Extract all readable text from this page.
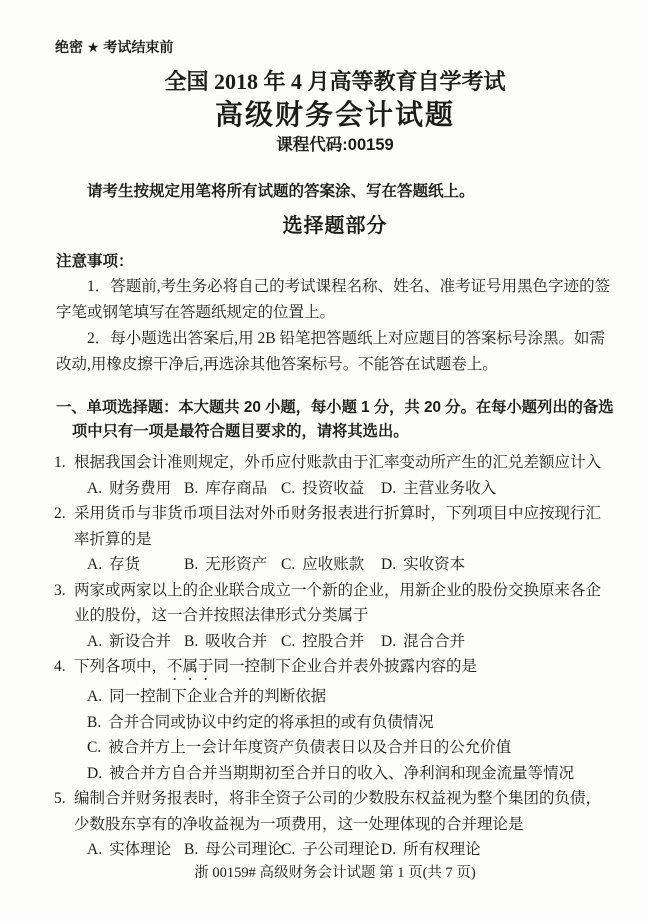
绝密 ★ 考试结束前
全国 2018 年 4 月高等教育自学考试
高级财务会计试题
课程代码:00159
请考生按规定用笔将所有试题的答案涂、写在答题纸上。
选择题部分
注意事项：

1．答题前,考生务必将自己的考试课程名称、姓名、准考证号用黑色字迹的签字笔或钢笔填写在答题纸规定的位置上。

2．每小题选出答案后,用 2B 铅笔把答题纸上对应题目的答案标号涂黑。如需改动,用橡皮擦干净后,再选涂其他答案标号。不能答在试题卷上。

一、单项选择题：本大题共 20 小题，每小题 1 分，共 20 分。在每小题列出的备选项中只有一项是最符合题目要求的，请将其选出。
1. 根据我国会计准则规定，外币应付账款由于汇率变动所产生的汇兑差额应计入
A. 财务费用 B. 库存商品 C. 投资收益	D. 主营业务收入
2. 采用货币与非货币项目法对外币财务报表进行折算时，下列项目中应按现行汇率折算的是
A. 存货	B. 无形资产 C. 应收账款	D. 实收资本
3. 两家或两家以上的企业联合成立一个新的企业，用新企业的股份交换原来各企业的股份，这一合并按照法律形式分类属于
A. 新设合并 B. 吸收合并 C. 控股合并	D. 混合合并
4. 下列各项中，不属于同一控制下企业合并表外披露内容的是
A. 同一控制下企业合并的判断依据
B. 合并合同或协议中约定的将承担的或有负债情况
C. 被合并方上一会计年度资产负债表日以及合并日的公允价值
D. 被合并方自合并当期期初至合并日的收入、净利润和现金流量等情况
5. 编制合并财务报表时，将非全资子公司的少数股东权益视为整个集团的负债，少数股东享有的净收益视为一项费用，这一处理体现的合并理论是
A. 实体理论 B. 母公司理论
C. 子公司理论 D. 所有权理论
浙 00159# 高级财务会计试题 第 1 页(共 7 页)
